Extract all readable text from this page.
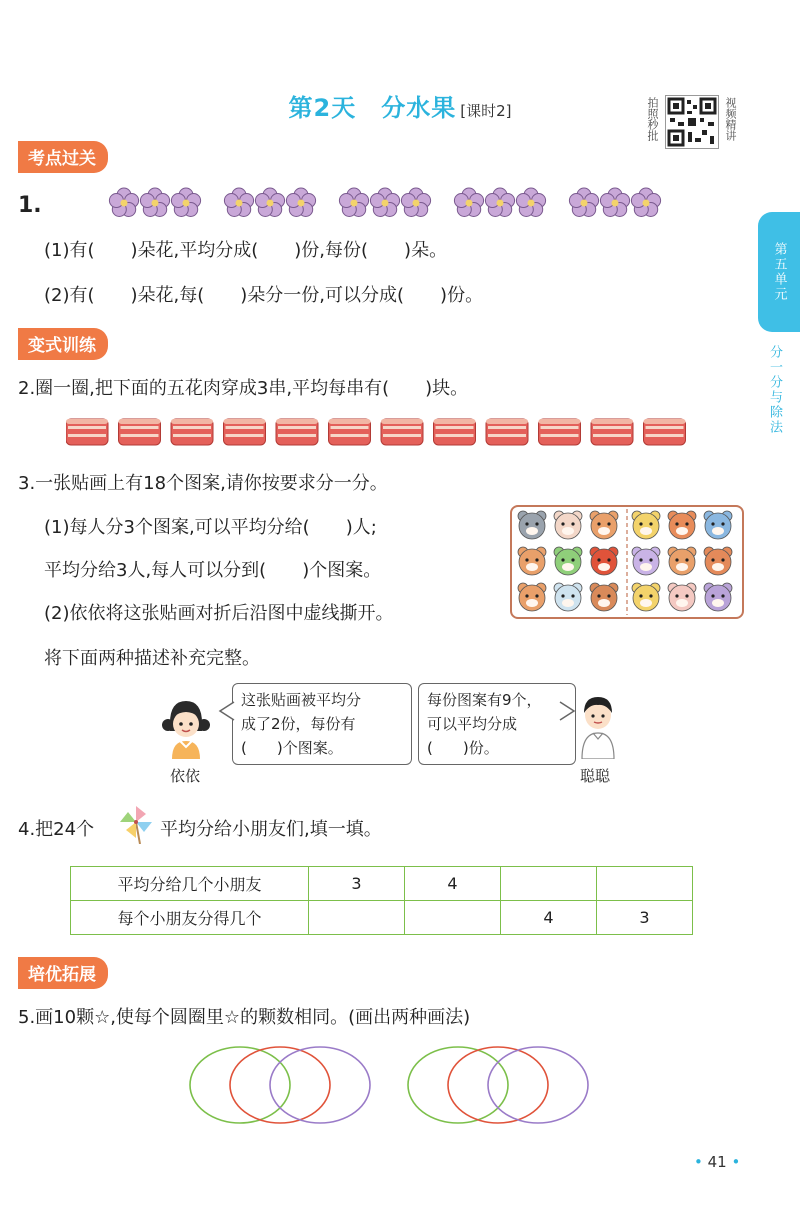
第2天　分水果 [课时2]	拍照秒批	视频精讲
第五单元
分一分与除法
考点过关
1.
(1)有(　　)朵花,平均分成(　　)份,每份(　　)朵。
(2)有(　　)朵花,每(　　)朵分一份,可以分成(　　)份。
变式训练
2.圈一圈,把下面的五花肉穿成3串,平均每串有(　　)块。
3.一张贴画上有18个图案,请你按要求分一分。
(1)每人分3个图案,可以平均分给(　　)人;
平均分给3人,每人可以分到(　　)个图案。
(2)依依将这张贴画对折后沿图中虚线撕开。
将下面两种描述补充完整。
依依
这张贴画被平均分
成了2份，每份有
(　　)个图案。
每份图案有9个，
可以平均分成
(　　)份。
聪聪
4.把24个	平均分给小朋友们,填一填。
平均分给几个小朋友	3	4		
每个小朋友分得几个			4	3
培优拓展
5.画10颗☆,使每个圆圈里☆的颗数相同。(画出两种画法)
• 41 •
